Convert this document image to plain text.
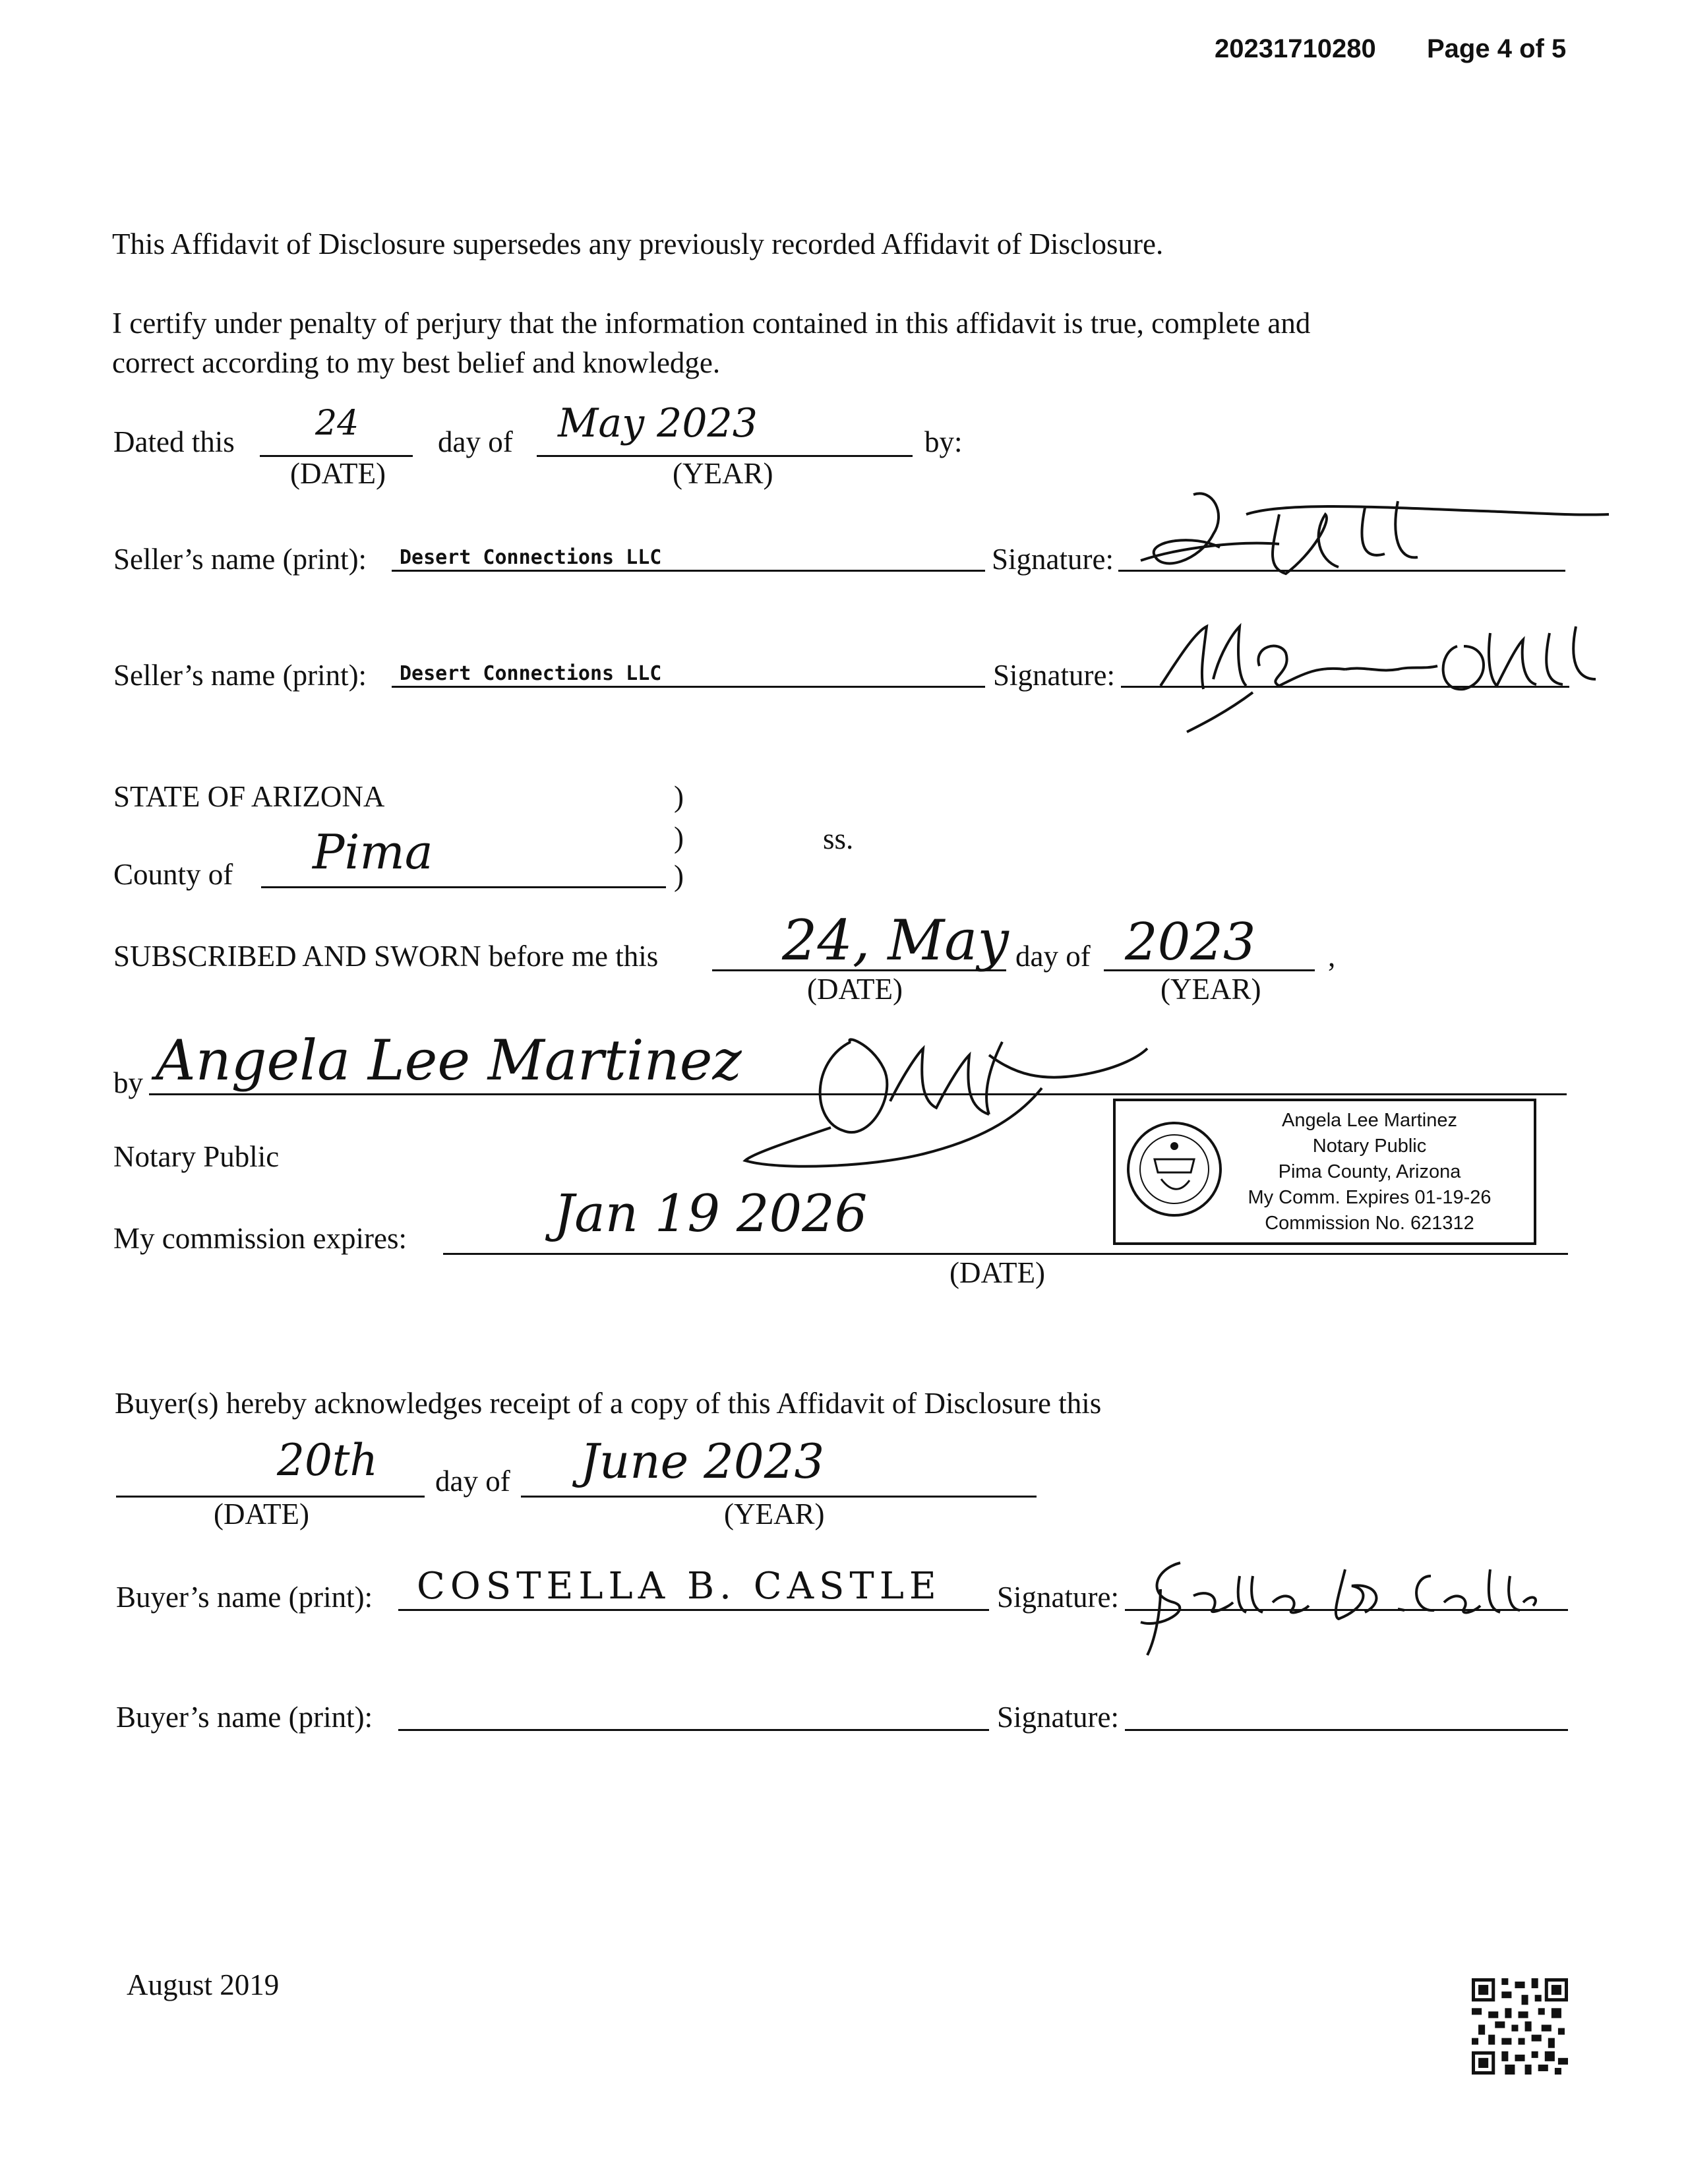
20231710280 Page 4 of 5
This Affidavit of Disclosure supersedes any previously recorded Affidavit of Disclosure.
I certify under penalty of perjury that the information contained in this affidavit is true, complete and
correct according to my best belief and knowledge.
Dated this 24
(DATE)
day of May 2023
(YEAR)
by:
Seller’s name (print): Desert Connections LLC	Signature:
Seller’s name (print): Desert Connections LLC	Signature:
STATE OF ARIZONA	)
)
)
ss.
County of Pima
SUBSCRIBED AND SWORN before me this 24, May
(DATE)
day of 2023
(YEAR)
,
by Angela Lee Martinez
Notary Public
Angela Lee Martinez
Notary Public
Pima County, Arizona
My Comm. Expires 01-19-26
Commission No. 621312
My commission expires:	Jan 19 2026
(DATE)
Buyer(s) hereby acknowledges receipt of a copy of this Affidavit of Disclosure this
20th
(DATE)
day of June 2023
(YEAR)
Buyer’s name (print): COSTELLA B. CASTLE Signature:
Buyer’s name (print):	Signature:
August 2019
